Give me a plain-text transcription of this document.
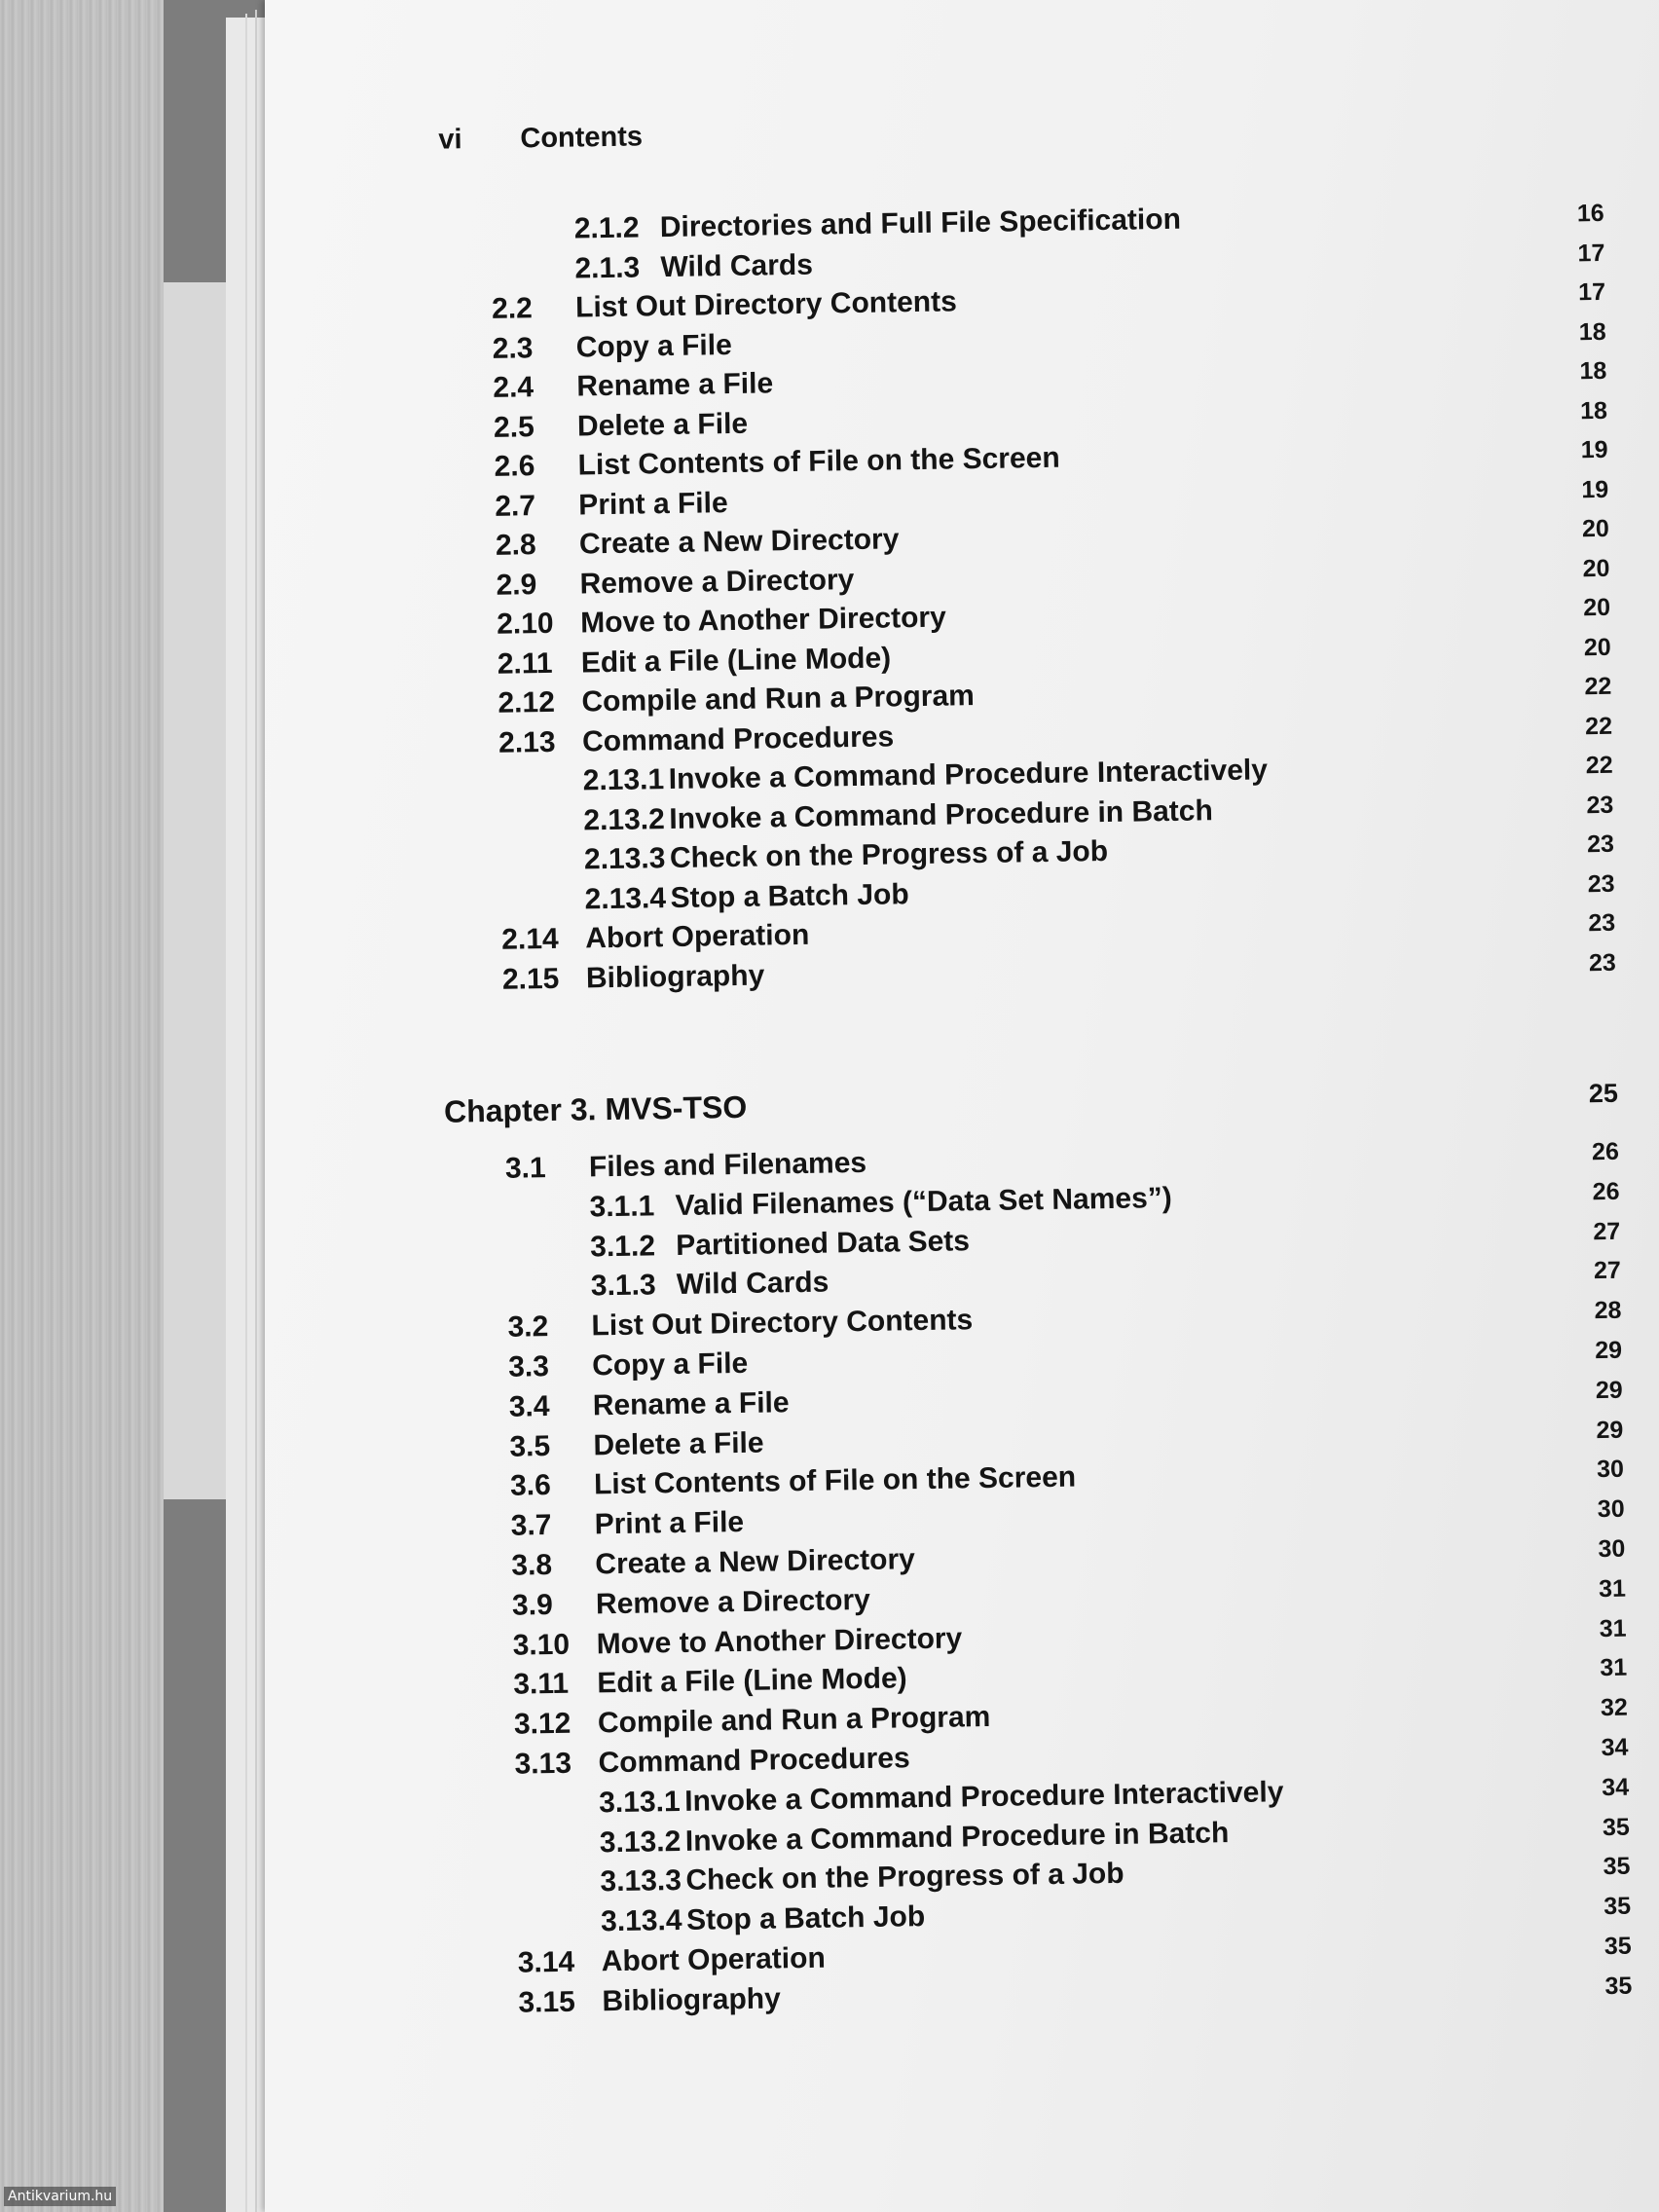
vi Contents
2.1.2 Directories and Full File Specification	16
2.1.3 Wild Cards	17
2.2 List Out Directory Contents	17
2.3 Copy a File	18
2.4 Rename a File	18
2.5 Delete a File	18
2.6 List Contents of File on the Screen	19
2.7 Print a File	19
2.8 Create a New Directory	20
2.9 Remove a Directory	20
2.10 Move to Another Directory	20
2.11 Edit a File (Line Mode)	20
2.12 Compile and Run a Program	22
2.13 Command Procedures	22
2.13.1 Invoke a Command Procedure Interactively	22
2.13.2 Invoke a Command Procedure in Batch	23
2.13.3 Check on the Progress of a Job	23
2.13.4 Stop a Batch Job	23
2.14 Abort Operation	23
2.15 Bibliography	23
Chapter 3. MVS-TSO	25
3.1 Files and Filenames	26
3.1.1 Valid Filenames (“Data Set Names”)	26
3.1.2 Partitioned Data Sets	27
3.1.3 Wild Cards	27
3.2 List Out Directory Contents	28
3.3 Copy a File	29
3.4 Rename a File	29
3.5 Delete a File	29
3.6 List Contents of File on the Screen	30
3.7 Print a File	30
3.8 Create a New Directory	30
3.9 Remove a Directory	31
3.10 Move to Another Directory	31
3.11 Edit a File (Line Mode)	31
3.12 Compile and Run a Program	32
3.13 Command Procedures	34
3.13.1 Invoke a Command Procedure Interactively	34
3.13.2 Invoke a Command Procedure in Batch	35
3.13.3 Check on the Progress of a Job	35
3.13.4 Stop a Batch Job	35
3.14 Abort Operation	35
3.15 Bibliography	35
Antikvarium.hu
